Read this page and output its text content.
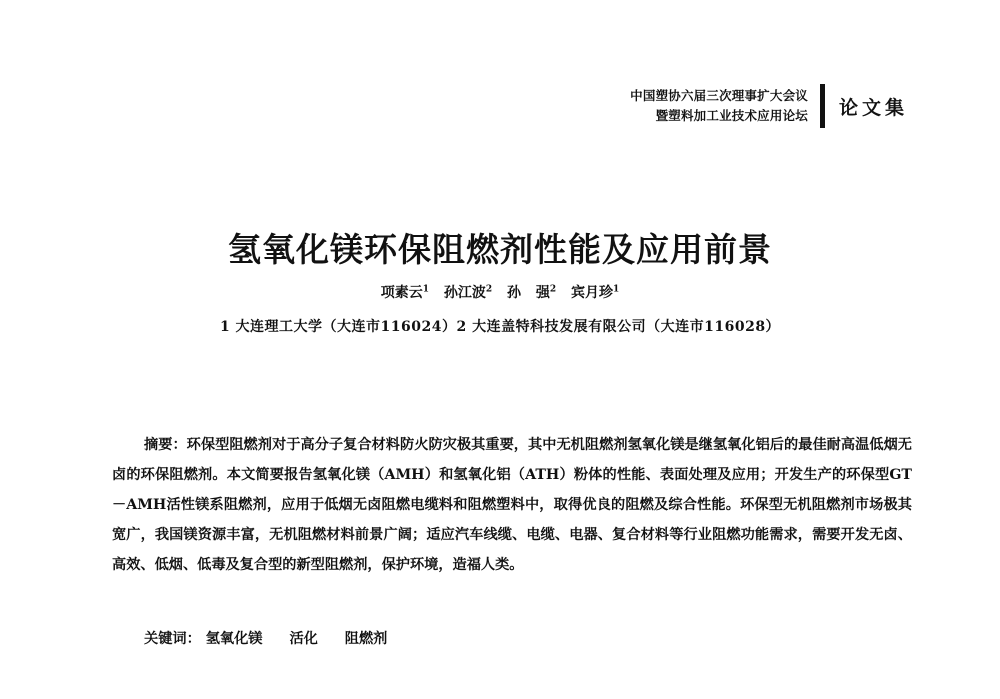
中国塑协六届三次理事扩大会议
暨塑料加工业技术应用论坛 论文集
氢氧化镁环保阻燃剂性能及应用前景
项素云$^1$ 孙江波$^2$ 孙 强$^2$ 宾月珍$^1$
1 大连理工大学（大连市116024）2 大连盖特科技发展有限公司（大连市116028）

摘要：环保型阻燃剂对于高分子复合材料防火防灾极其重要，其中无机阻燃剂氢氧化镁是继氢氧化铝后的最佳耐高温低烟无卤的环保阻燃剂。本文简要报告氢氧化镁（AMH）和氢氧化铝（ATH）粉体的性能、表面处理及应用；开发生产的环保型GT－AMH活性镁系阻燃剂，应用于低烟无卤阻燃电缆料和阻燃塑料中，取得优良的阻燃及综合性能。环保型无机阻燃剂市场极其宽广，我国镁资源丰富，无机阻燃材料前景广阔；适应汽车线缆、电缆、电器、复合材料等行业阻燃功能需求，需要开发无卤、高效、低烟、低毒及复合型的新型阻燃剂，保护环境，造福人类。

关键词： 氢氧化镁 活化 阻燃剂
